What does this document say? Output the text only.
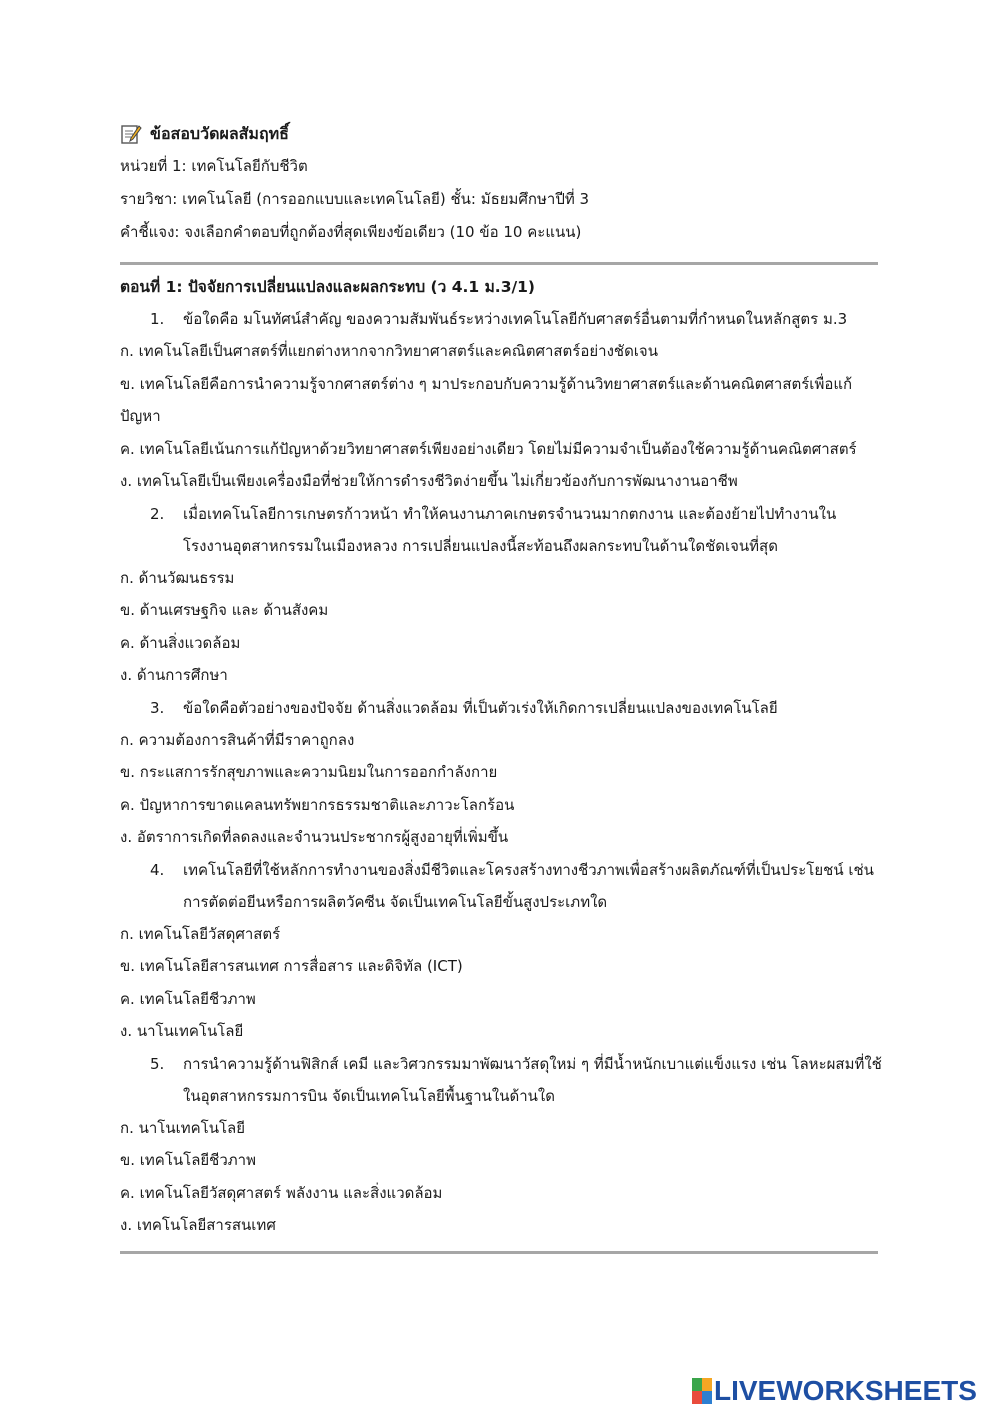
ข้อสอบวัดผลสัมฤทธิ์
หน่วยที่ 1: เทคโนโลยีกับชีวิต
รายวิชา: เทคโนโลยี (การออกแบบและเทคโนโลยี) ชั้น: มัธยมศึกษาปีที่ 3
คำชี้แจง: จงเลือกคำตอบที่ถูกต้องที่สุดเพียงข้อเดียว (10 ข้อ 10 คะแนน)
ตอนที่ 1: ปัจจัยการเปลี่ยนแปลงและผลกระทบ (ว 4.1 ม.3/1)
1.	ข้อใดคือ มโนทัศน์สำคัญ ของความสัมพันธ์ระหว่างเทคโนโลยีกับศาสตร์อื่นตามที่กำหนดในหลักสูตร ม.3
ก. เทคโนโลยีเป็นศาสตร์ที่แยกต่างหากจากวิทยาศาสตร์และคณิตศาสตร์อย่างชัดเจน
ข. เทคโนโลยีคือการนำความรู้จากศาสตร์ต่าง ๆ มาประกอบกับความรู้ด้านวิทยาศาสตร์และด้านคณิตศาสตร์เพื่อแก้ปัญหา
ค. เทคโนโลยีเน้นการแก้ปัญหาด้วยวิทยาศาสตร์เพียงอย่างเดียว โดยไม่มีความจำเป็นต้องใช้ความรู้ด้านคณิตศาสตร์
ง. เทคโนโลยีเป็นเพียงเครื่องมือที่ช่วยให้การดำรงชีวิตง่ายขึ้น ไม่เกี่ยวข้องกับการพัฒนางานอาชีพ
2.	เมื่อเทคโนโลยีการเกษตรก้าวหน้า ทำให้คนงานภาคเกษตรจำนวนมากตกงาน และต้องย้ายไปทำงานในโรงงานอุตสาหกรรมในเมืองหลวง การเปลี่ยนแปลงนี้สะท้อนถึงผลกระทบในด้านใดชัดเจนที่สุด
ก. ด้านวัฒนธรรม
ข. ด้านเศรษฐกิจ และ ด้านสังคม
ค. ด้านสิ่งแวดล้อม
ง. ด้านการศึกษา
3.	ข้อใดคือตัวอย่างของปัจจัย ด้านสิ่งแวดล้อม ที่เป็นตัวเร่งให้เกิดการเปลี่ยนแปลงของเทคโนโลยี
ก. ความต้องการสินค้าที่มีราคาถูกลง
ข. กระแสการรักสุขภาพและความนิยมในการออกกำลังกาย
ค. ปัญหาการขาดแคลนทรัพยากรธรรมชาติและภาวะโลกร้อน
ง. อัตราการเกิดที่ลดลงและจำนวนประชากรผู้สูงอายุที่เพิ่มขึ้น
4.	เทคโนโลยีที่ใช้หลักการทำงานของสิ่งมีชีวิตและโครงสร้างทางชีวภาพเพื่อสร้างผลิตภัณฑ์ที่เป็นประโยชน์ เช่น การตัดต่อยีนหรือการผลิตวัคซีน จัดเป็นเทคโนโลยีขั้นสูงประเภทใด
ก. เทคโนโลยีวัสดุศาสตร์
ข. เทคโนโลยีสารสนเทศ การสื่อสาร และดิจิทัล (ICT)
ค. เทคโนโลยีชีวภาพ
ง. นาโนเทคโนโลยี
5.	การนำความรู้ด้านฟิสิกส์ เคมี และวิศวกรรมมาพัฒนาวัสดุใหม่ ๆ ที่มีน้ำหนักเบาแต่แข็งแรง เช่น โลหะผสมที่ใช้ในอุตสาหกรรมการบิน จัดเป็นเทคโนโลยีพื้นฐานในด้านใด
ก. นาโนเทคโนโลยี
ข. เทคโนโลยีชีวภาพ
ค. เทคโนโลยีวัสดุศาสตร์ พลังงาน และสิ่งแวดล้อม
ง. เทคโนโลยีสารสนเทศ
LIVEWORKSHEETS
